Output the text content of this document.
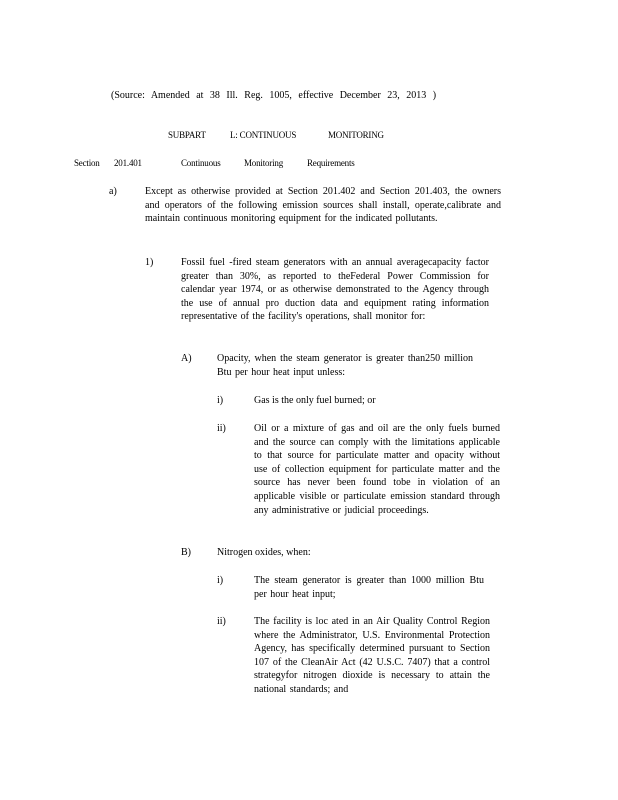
(Source: Amended at 38 Ill. Reg. 1005, effective December 23, 2013 )

SUBPART	L: CONTINUOUS	MONITORING
Section 201.401	Continuous	Monitoring	Requirements
a)	Except as otherwise provided at Section 201.402 and Section 201.403, the owners and operators of the following emission sources shall install, operate,calibrate and maintain continuous monitoring equipment for the indicated pollutants.

1)	Fossil fuel -fired steam generators with an annual averagecapacity factor greater than 30%, as reported to theFederal Power Commission for calendar year 1974, or as otherwise demonstrated to the Agency through the use of annual pro duction data and equipment rating information representative of the facility's operations, shall monitor for:

A)	Opacity, when the steam generator is greater than250 million Btu per hour heat input unless:

i)	Gas is the only fuel burned; or

ii)	Oil or a mixture of gas and oil are the only fuels burned and the source can comply with the limitations applicable to that source for particulate matter and opacity without use of collection equipment for particulate matter and the source has never been found tobe in violation of an applicable visible or particulate emission standard through any administrative or judicial proceedings.

B)	Nitrogen oxides, when:

i)	The steam generator is greater than 1000 million Btu per hour heat input;

ii)	The facility is loc ated in an Air Quality Control Region where the Administrator, U.S. Environmental Protection Agency, has specifically determined pursuant to Section 107 of the CleanAir Act (42 U.S.C. 7407) that a control strategyfor nitrogen dioxide is necessary to attain the national standards; and
